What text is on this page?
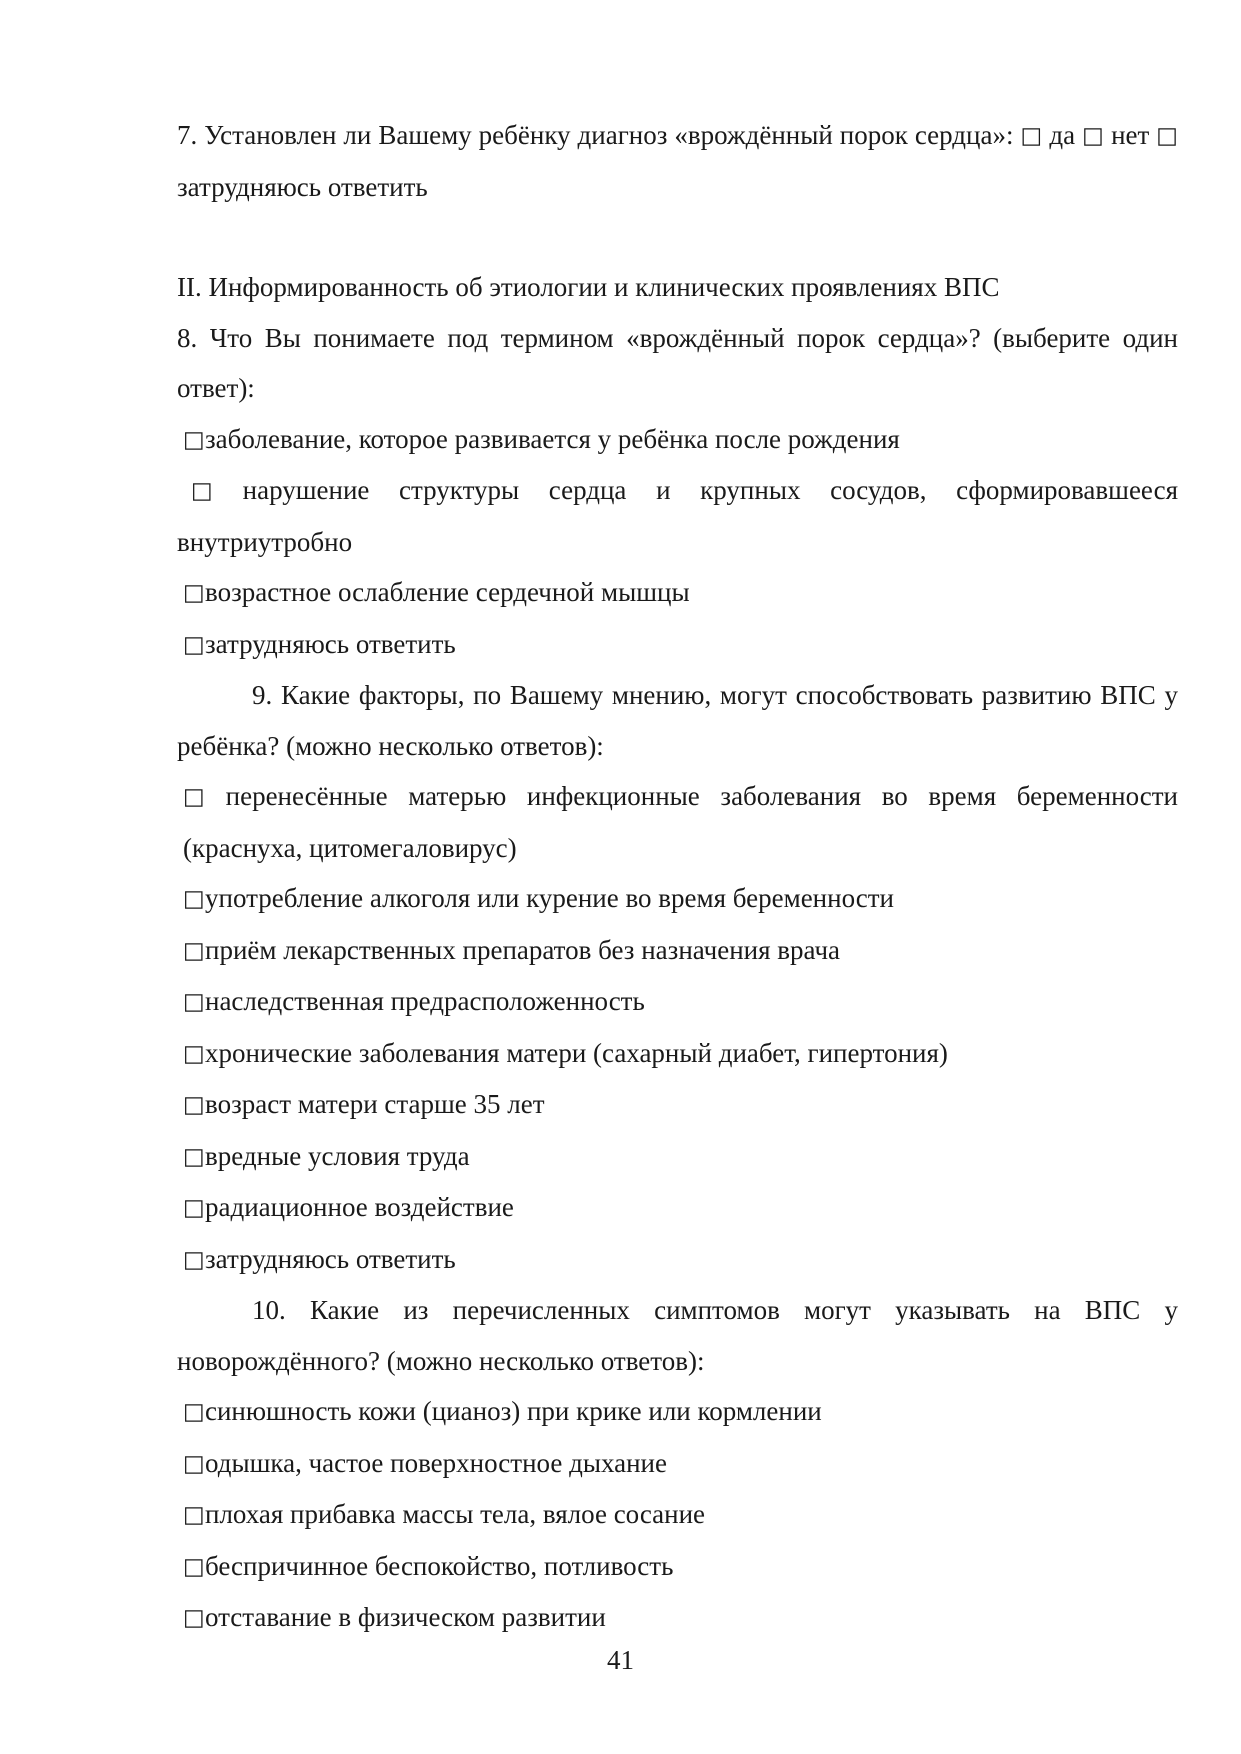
7. Установлен ли Вашему ребёнку диагноз «врождённый порок сердца»: □ да □ нет □ затрудняюсь ответить

II. Информированность об этиологии и клинических проявлениях ВПС

8. Что Вы понимаете под термином «врождённый порок сердца»? (выберите один ответ):

□заболевание, которое развивается у ребёнка после рождения

□ нарушение структуры сердца и крупных сосудов, сформировавшееся внутриутробно

□возрастное ослабление сердечной мышцы

□затрудняюсь ответить

9. Какие факторы, по Вашему мнению, могут способствовать развитию ВПС у ребёнка? (можно несколько ответов):

□ перенесённые матерью инфекционные заболевания во время беременности (краснуха, цитомегаловирус)

□употребление алкоголя или курение во время беременности

□приём лекарственных препаратов без назначения врача

□наследственная предрасположенность

□хронические заболевания матери (сахарный диабет, гипертония)

□возраст матери старше 35 лет

□вредные условия труда

□радиационное воздействие

□затрудняюсь ответить

10. Какие из перечисленных симптомов могут указывать на ВПС у новорождённого? (можно несколько ответов):

□синюшность кожи (цианоз) при крике или кормлении

□одышка, частое поверхностное дыхание

□плохая прибавка массы тела, вялое сосание

□беспричинное беспокойство, потливость

□отставание в физическом развитии

41
